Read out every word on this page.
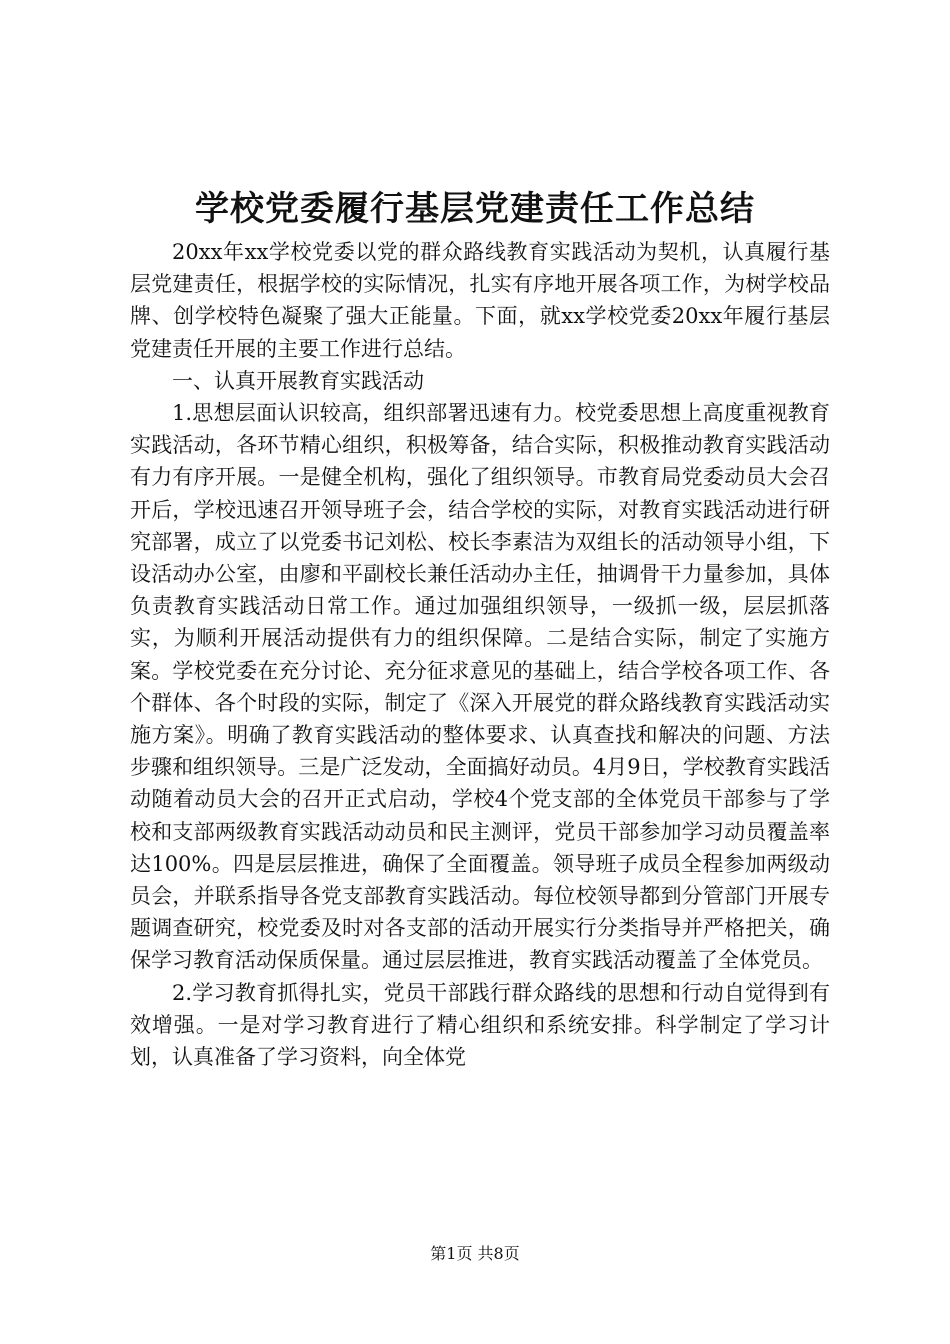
学校党委履行基层党建责任工作总结

20xx年xx学校党委以党的群众路线教育实践活动为契机，认真履行基层党建责任，根据学校的实际情况，扎实有序地开展各项工作，为树学校品牌、创学校特色凝聚了强大正能量。下面，就xx学校党委20xx年履行基层党建责任开展的主要工作进行总结。

一、认真开展教育实践活动

1.思想层面认识较高，组织部署迅速有力。校党委思想上高度重视教育实践活动，各环节精心组织，积极筹备，结合实际，积极推动教育实践活动有力有序开展。一是健全机构，强化了组织领导。市教育局党委动员大会召开后，学校迅速召开领导班子会，结合学校的实际，对教育实践活动进行研究部署，成立了以党委书记刘松、校长李素洁为双组长的活动领导小组，下设活动办公室，由廖和平副校长兼任活动办主任，抽调骨干力量参加，具体负责教育实践活动日常工作。通过加强组织领导，一级抓一级，层层抓落实，为顺利开展活动提供有力的组织保障。二是结合实际，制定了实施方案。学校党委在充分讨论、充分征求意见的基础上，结合学校各项工作、各个群体、各个时段的实际，制定了《深入开展党的群众路线教育实践活动实施方案》。明确了教育实践活动的整体要求、认真查找和解决的问题、方法步骤和组织领导。三是广泛发动，全面搞好动员。4月9日，学校教育实践活动随着动员大会的召开正式启动，学校4个党支部的全体党员干部参与了学校和支部两级教育实践活动动员和民主测评，党员干部参加学习动员覆盖率达100%。四是层层推进，确保了全面覆盖。领导班子成员全程参加两级动员会，并联系指导各党支部教育实践活动。每位校领导都到分管部门开展专题调查研究，校党委及时对各支部的活动开展实行分类指导并严格把关，确保学习教育活动保质保量。通过层层推进，教育实践活动覆盖了全体党员。

2.学习教育抓得扎实，党员干部践行群众路线的思想和行动自觉得到有效增强。一是对学习教育进行了精心组织和系统安排。科学制定了学习计划，认真准备了学习资料，向全体党

第1页 共8页
